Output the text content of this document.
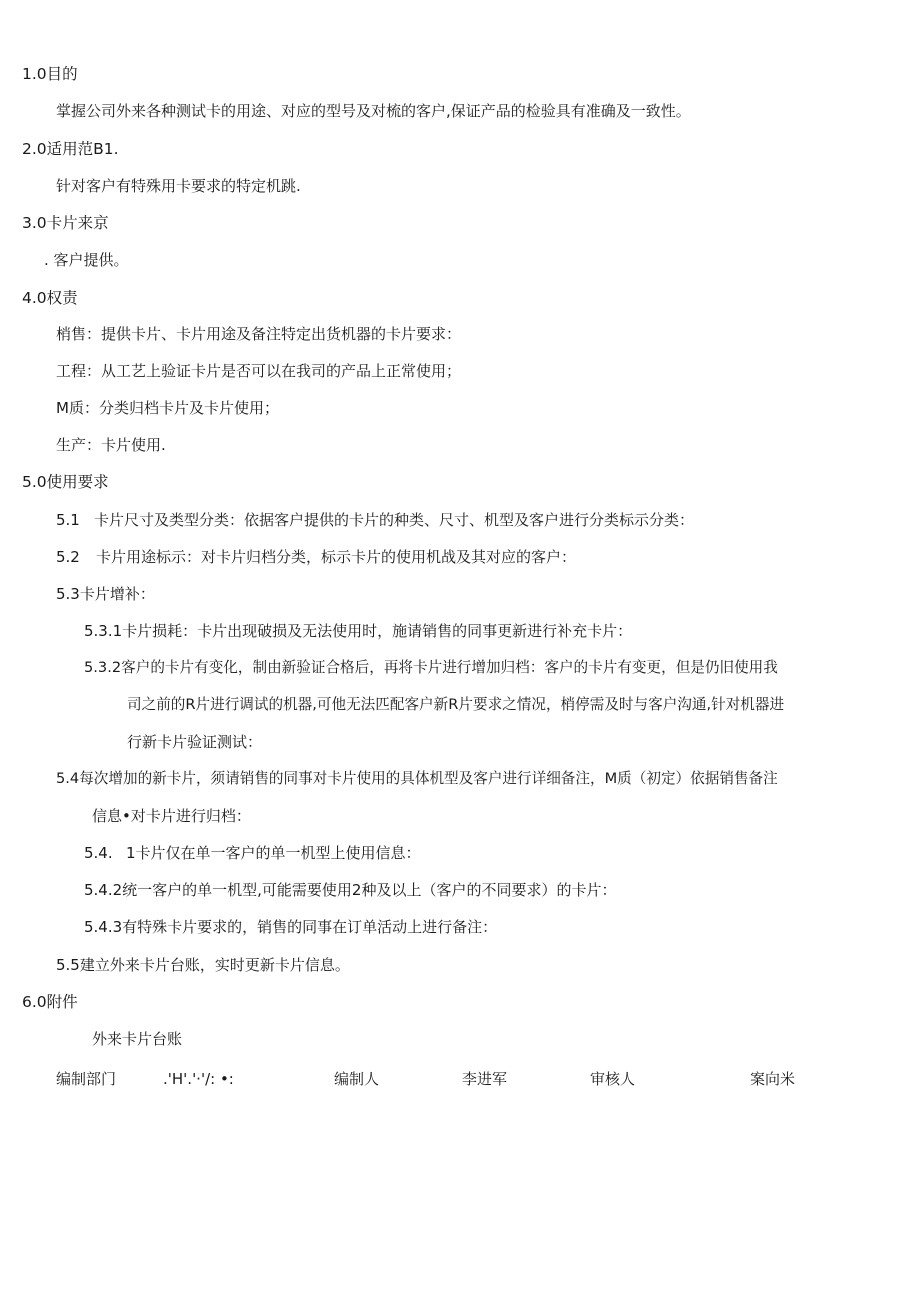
1.0目的
掌握公司外来各种测试卡的用途、对应的型号及对梳的客户,保证产品的检验具有准确及一致性。
2.0适用范B1.
针对客户有特殊用卡要求的特定机跳.
3.0卡片来京
. 客户提供。
4.0权责
梢售：提供卡片、卡片用途及备注特定出货机器的卡片要求：
工程：从工艺上验证卡片是否可以在我司的产品上正常使用；
M质：分类归档卡片及卡片使用；
生产：卡片使用.
5.0使用要求
5.1 卡片尺寸及类型分类：依据客户提供的卡片的种类、尺寸、机型及客户进行分类标示分类：
5.2 卡片用途标示：对卡片归档分类，标示卡片的使用机战及其对应的客户：
5.3卡片增补：
5.3.1卡片损耗：卡片出现破损及无法使用时，施请销售的同事更新进行补充卡片：
5.3.2客户的卡片有变化，制由新验证合格后，再将卡片进行增加归档：客户的卡片有变更，但是仍旧使用我
司之前的R片进行调试的机器,可他无法匹配客户新R片要求之情况，梢停需及时与客户沟通,针对机器进
行新卡片验证测试：
5.4每次增加的新卡片，须请销售的同事对卡片使用的具体机型及客户进行详细备注，M质（初定）依据销售备注
信息•对卡片进行归档：
5.4. 1卡片仅在单一客户的单一机型上使用信息：
5.4.2统一客户的单一机型,可能需要使用2种及以上（客户的不同要求）的卡片：
5.4.3有特殊卡片要求的，销售的同事在订单活动上进行备注：
5.5建立外来卡片台账，实时更新卡片信息。
6.0附件
外来卡片台账
编制部门	.'H'.'·'/: •:	编制人	李进军	审核人	案向米
